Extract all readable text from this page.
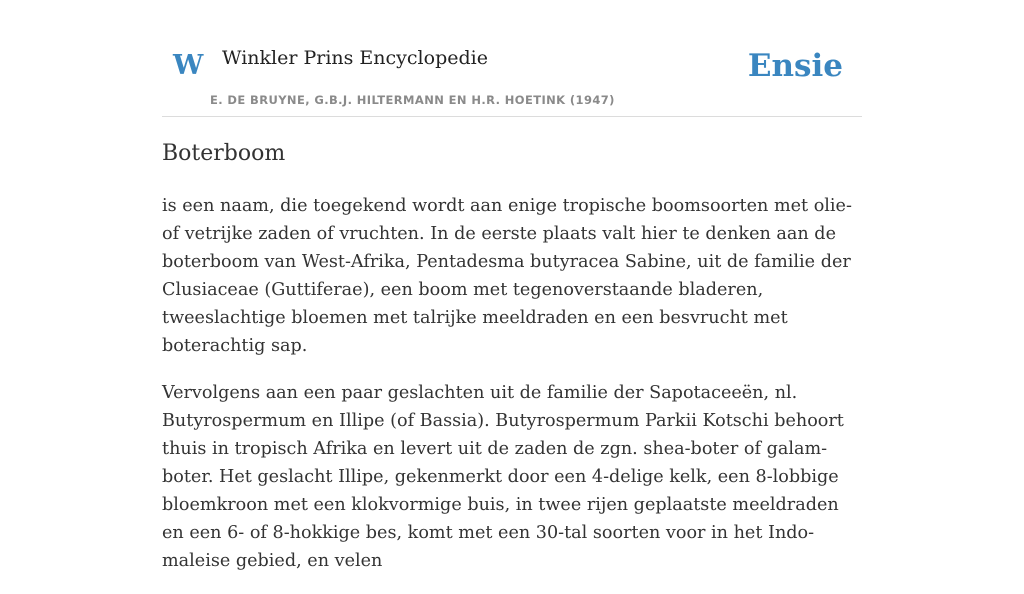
W Winkler Prins Encyclopedie
E. DE BRUYNE, G.B.J. HILTERMANN EN H.R. HOETINK (1947)
Ensie
Boterboom

is een naam, die toegekend wordt aan enige tropische boomsoorten met olie- of vetrijke zaden of vruchten. In de eerste plaats valt hier te denken aan de boterboom van West-Afrika, Pentadesma butyracea Sabine, uit de familie der Clusiaceae (Guttiferae), een boom met tegenoverstaande bladeren, tweeslachtige bloemen met talrijke meeldraden en een besvrucht met boterachtig sap.

Vervolgens aan een paar geslachten uit de familie der Sapotaceeën, nl. Butyrospermum en Illipe (of Bassia). Butyrospermum Parkii Kotschi behoort thuis in tropisch Afrika en levert uit de zaden de zgn. shea-boter of galam-boter. Het geslacht Illipe, gekenmerkt door een 4-delige kelk, een 8-lobbige bloemkroon met een klokvormige buis, in twee rijen geplaatste meeldraden en een 6- of 8-hokkige bes, komt met een 30-tal soorten voor in het Indo-maleise gebied, en velen
